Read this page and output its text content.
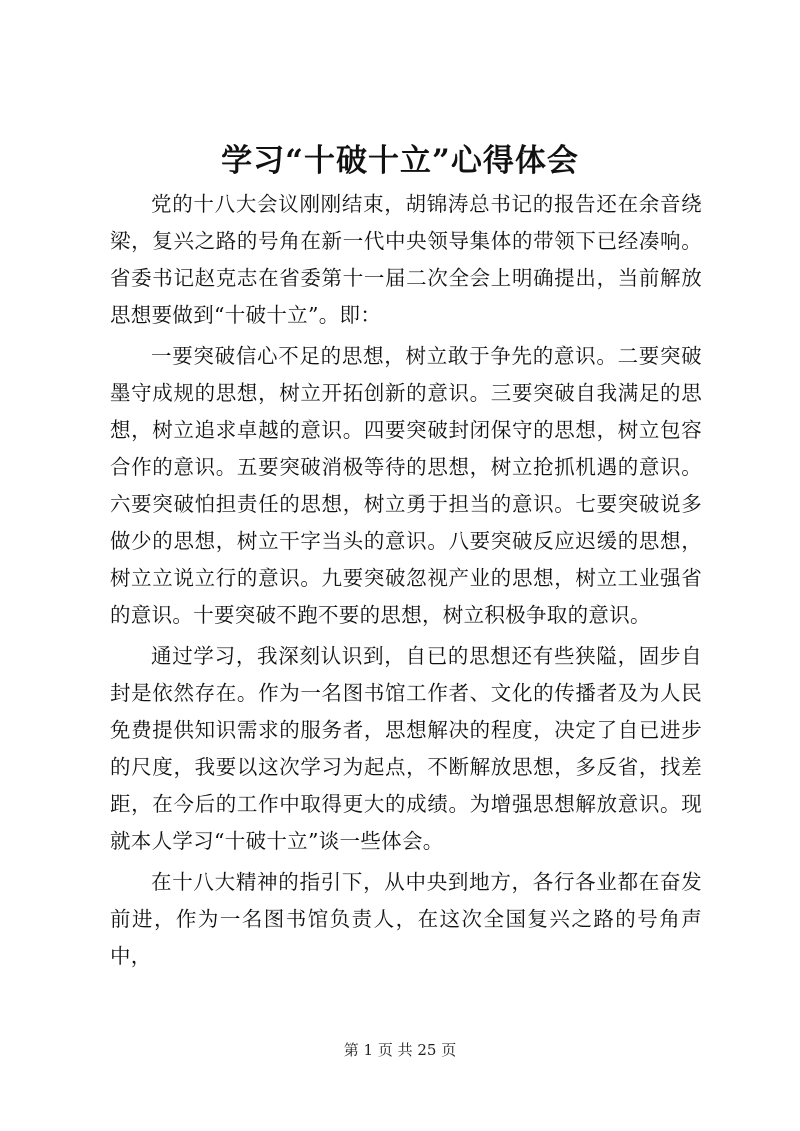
学习“十破十立”心得体会

党的十八大会议刚刚结束，胡锦涛总书记的报告还在余音绕梁，复兴之路的号角在新一代中央领导集体的带领下已经凑响。省委书记赵克志在省委第十一届二次全会上明确提出，当前解放思想要做到“十破十立”。即：

一要突破信心不足的思想，树立敢于争先的意识。二要突破墨守成规的思想，树立开拓创新的意识。三要突破自我满足的思想，树立追求卓越的意识。四要突破封闭保守的思想，树立包容合作的意识。五要突破消极等待的思想，树立抢抓机遇的意识。六要突破怕担责任的思想，树立勇于担当的意识。七要突破说多做少的思想，树立干字当头的意识。八要突破反应迟缓的思想，树立立说立行的意识。九要突破忽视产业的思想，树立工业强省的意识。十要突破不跑不要的思想，树立积极争取的意识。

通过学习，我深刻认识到，自已的思想还有些狭隘，固步自封是依然存在。作为一名图书馆工作者、文化的传播者及为人民免费提供知识需求的服务者，思想解决的程度，决定了自已进步的尺度，我要以这次学习为起点，不断解放思想，多反省，找差距，在今后的工作中取得更大的成绩。为增强思想解放意识。现就本人学习“十破十立”谈一些体会。

在十八大精神的指引下，从中央到地方，各行各业都在奋发前进，作为一名图书馆负责人，在这次全国复兴之路的号角声中，

第 1 页 共 25 页
